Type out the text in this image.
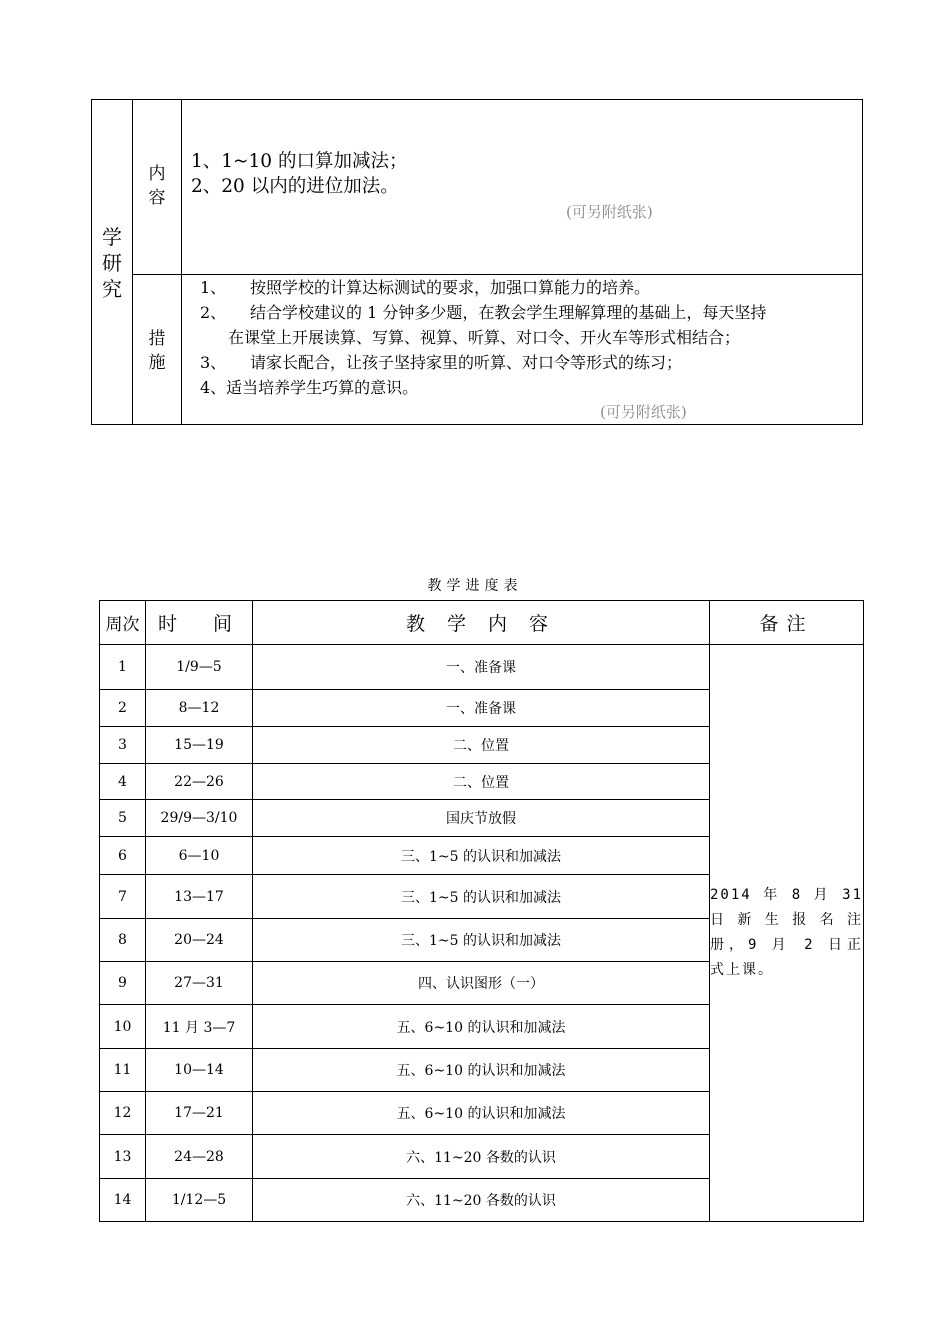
学研究
内容
1、1~10 的口算加减法；
2、20 以内的进位加法。
(可另附纸张)
措施
1、 按照学校的计算达标测试的要求，加强口算能力的培养。
2、 结合学校建议的 1 分钟多少题，在教会学生理解算理的基础上，每天坚持
在课堂上开展读算、写算、视算、听算、对口令、开火车等形式相结合；
3、 请家长配合，让孩子坚持家里的听算、对口令等形式的练习；
4、适当培养学生巧算的意识。
(可另附纸张)
教学进度表
周次	时  间	教 学 内 容	备注
1	1/9—5	一、准备课	2014 年 8 月 31
日新生报名注
册，9 月 2 日正
式上课。

2	8—12	一、准备课	
3	15—19	二、位置	
4	22—26	二、位置	
5	29/9—3/10	国庆节放假	
6	6—10	三、1~5 的认识和加减法	
7	13—17	三、1~5 的认识和加减法	
8	20—24	三、1~5 的认识和加减法	
9	27—31	四、认识图形（一）	
10	11 月 3—7	五、6~10 的认识和加减法	
11	10—14	五、6~10 的认识和加减法	
12	17—21	五、6~10 的认识和加减法	
13	24—28	六、11~20 各数的认识	
14	1/12—5	六、11~20 各数的认识	
